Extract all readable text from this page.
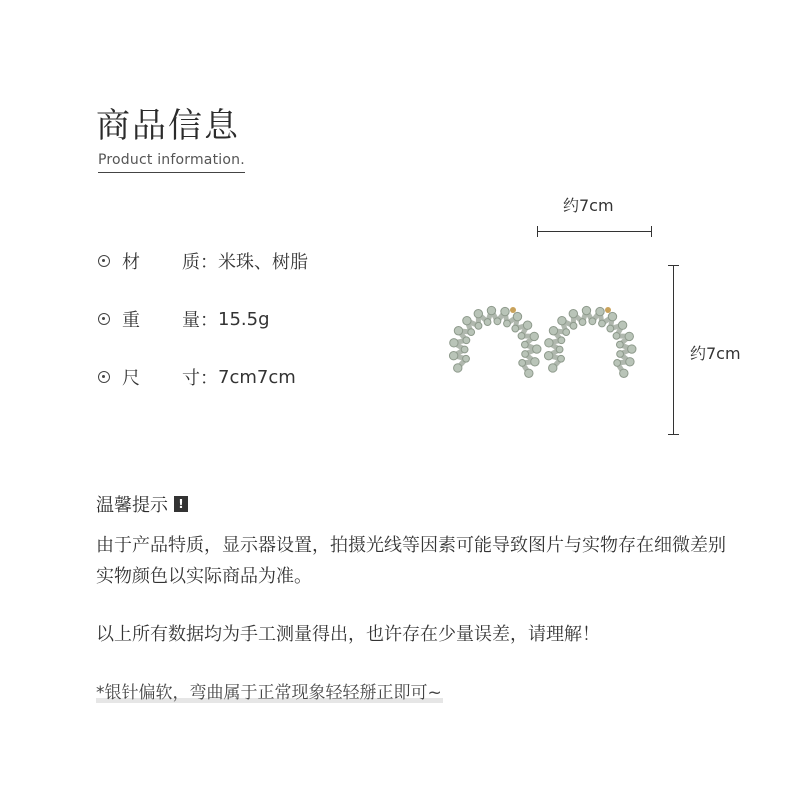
商品信息
Product information.
材	质： 米珠、树脂
重	量： 15.5g
尺	寸： 7cm7cm
约7cm
约7cm
温馨提示 !

由于产品特质，显示器设置，拍摄光线等因素可能导致图片与实物存在细微差别实物颜色以实际商品为准。

以上所有数据均为手工测量得出，也许存在少量误差，请理解！

*银针偏软，弯曲属于正常现象轻轻掰正即可~
